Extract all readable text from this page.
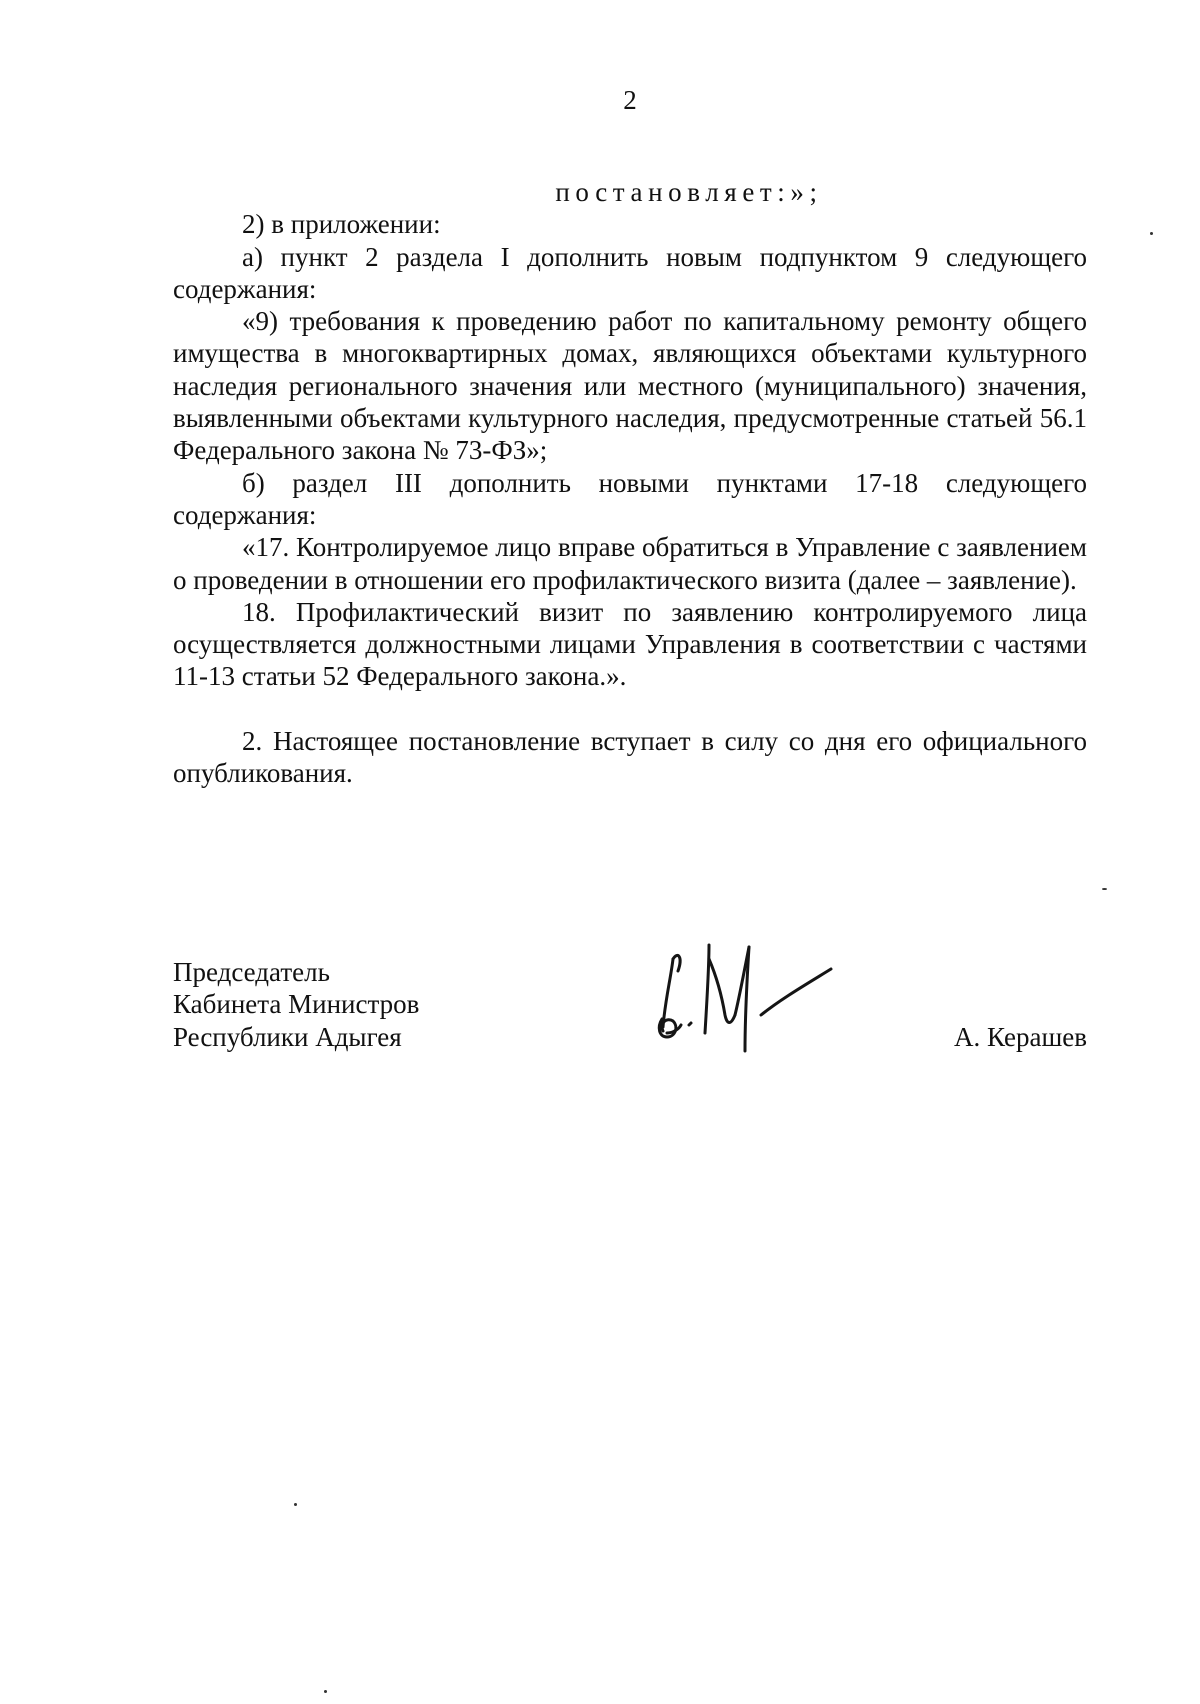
2

постановляет:»;

2) в приложении:

а) пункт 2 раздела I дополнить новым подпунктом 9 следующего содержания:

«9) требования к проведению работ по капитальному ремонту общего имущества в многоквартирных домах, являющихся объектами культурного наследия регионального значения или местного (муниципального) значения, выявленными объектами культурного наследия, предусмотренные статьей 56.1 Федерального закона № 73-ФЗ»;

б) раздел III дополнить новыми пунктами 17-18 следующего содержания:

«17. Контролируемое лицо вправе обратиться в Управление с заявлением о проведении в отношении его профилактического визита (далее – заявление).

18. Профилактический визит по заявлению контролируемого лица осуществляется должностными лицами Управления в соответствии с частями 11-13 статьи 52 Федерального закона.».

2. Настоящее постановление вступает в силу со дня его официального опубликования.

Председатель
Кабинета Министров
Республики Адыгея	А. Керашев
